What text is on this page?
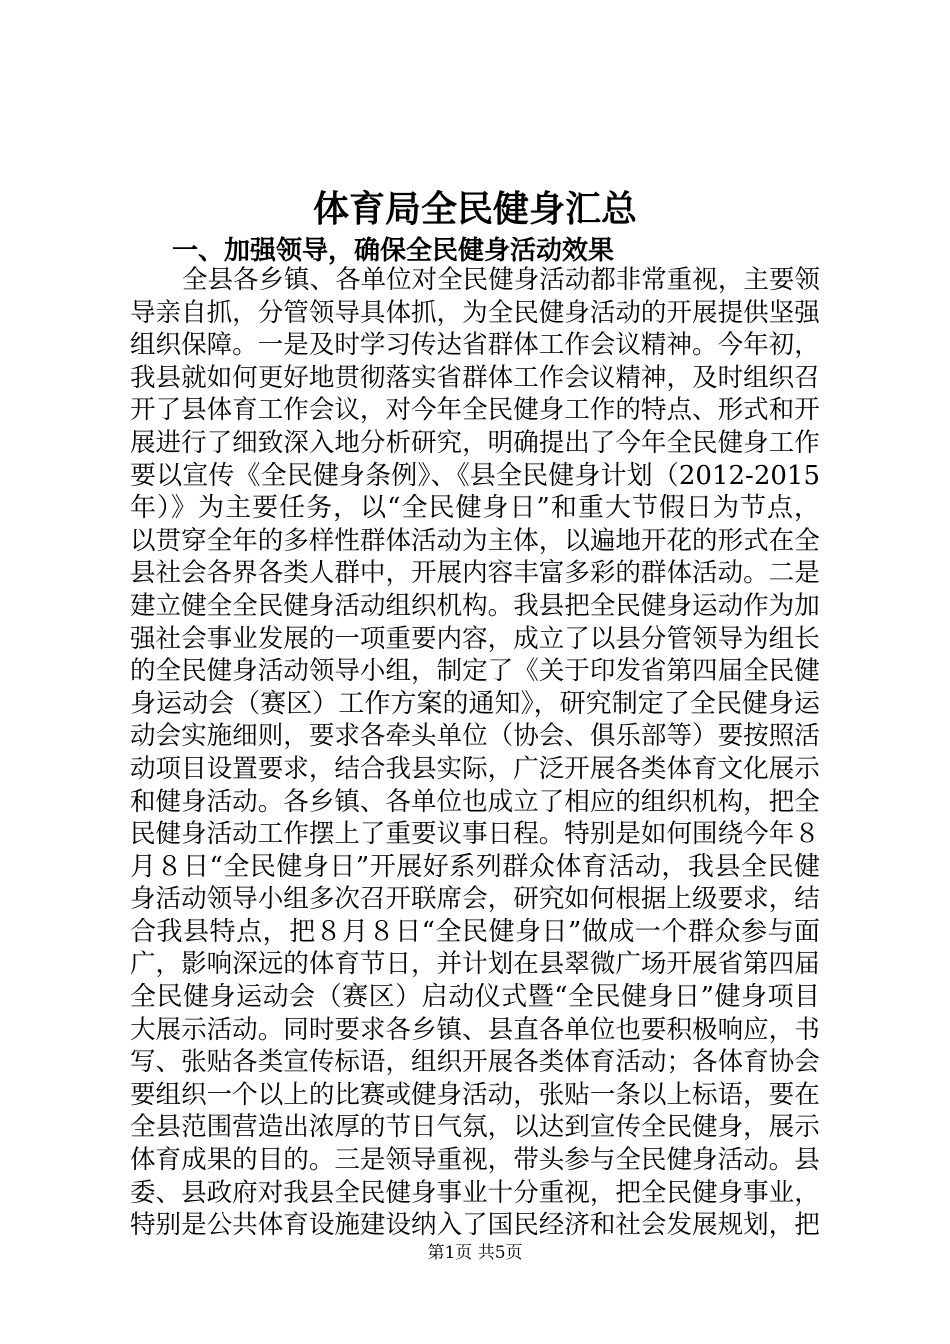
体育局全民健身汇总
一、加强领导，确保全民健身活动效果
全县各乡镇、各单位对全民健身活动都非常重视，主要领
导亲自抓，分管领导具体抓，为全民健身活动的开展提供坚强
组织保障。一是及时学习传达省群体工作会议精神。今年初，
我县就如何更好地贯彻落实省群体工作会议精神，及时组织召
开了县体育工作会议，对今年全民健身工作的特点、形式和开
展进行了细致深入地分析研究，明确提出了今年全民健身工作
要以宣传《全民健身条例》、《县全民健身计划（2012-2015
年）》为主要任务，以“全民健身日”和重大节假日为节点，
以贯穿全年的多样性群体活动为主体，以遍地开花的形式在全
县社会各界各类人群中，开展内容丰富多彩的群体活动。二是
建立健全全民健身活动组织机构。我县把全民健身运动作为加
强社会事业发展的一项重要内容，成立了以县分管领导为组长
的全民健身活动领导小组，制定了《关于印发省第四届全民健
身运动会（赛区）工作方案的通知》，研究制定了全民健身运
动会实施细则，要求各牵头单位（协会、俱乐部等）要按照活
动项目设置要求，结合我县实际，广泛开展各类体育文化展示
和健身活动。各乡镇、各单位也成立了相应的组织机构，把全
民健身活动工作摆上了重要议事日程。特别是如何围绕今年８
月８日“全民健身日”开展好系列群众体育活动，我县全民健
身活动领导小组多次召开联席会，研究如何根据上级要求，结
合我县特点，把８月８日“全民健身日”做成一个群众参与面
广，影响深远的体育节日，并计划在县翠微广场开展省第四届
全民健身运动会（赛区）启动仪式暨“全民健身日”健身项目
大展示活动。同时要求各乡镇、县直各单位也要积极响应，书
写、张贴各类宣传标语，组织开展各类体育活动；各体育协会
要组织一个以上的比赛或健身活动，张贴一条以上标语，要在
全县范围营造出浓厚的节日气氛，以达到宣传全民健身，展示
体育成果的目的。三是领导重视，带头参与全民健身活动。县
委、县政府对我县全民健身事业十分重视，把全民健身事业，
特别是公共体育设施建设纳入了国民经济和社会发展规划，把
第1页 共5页
